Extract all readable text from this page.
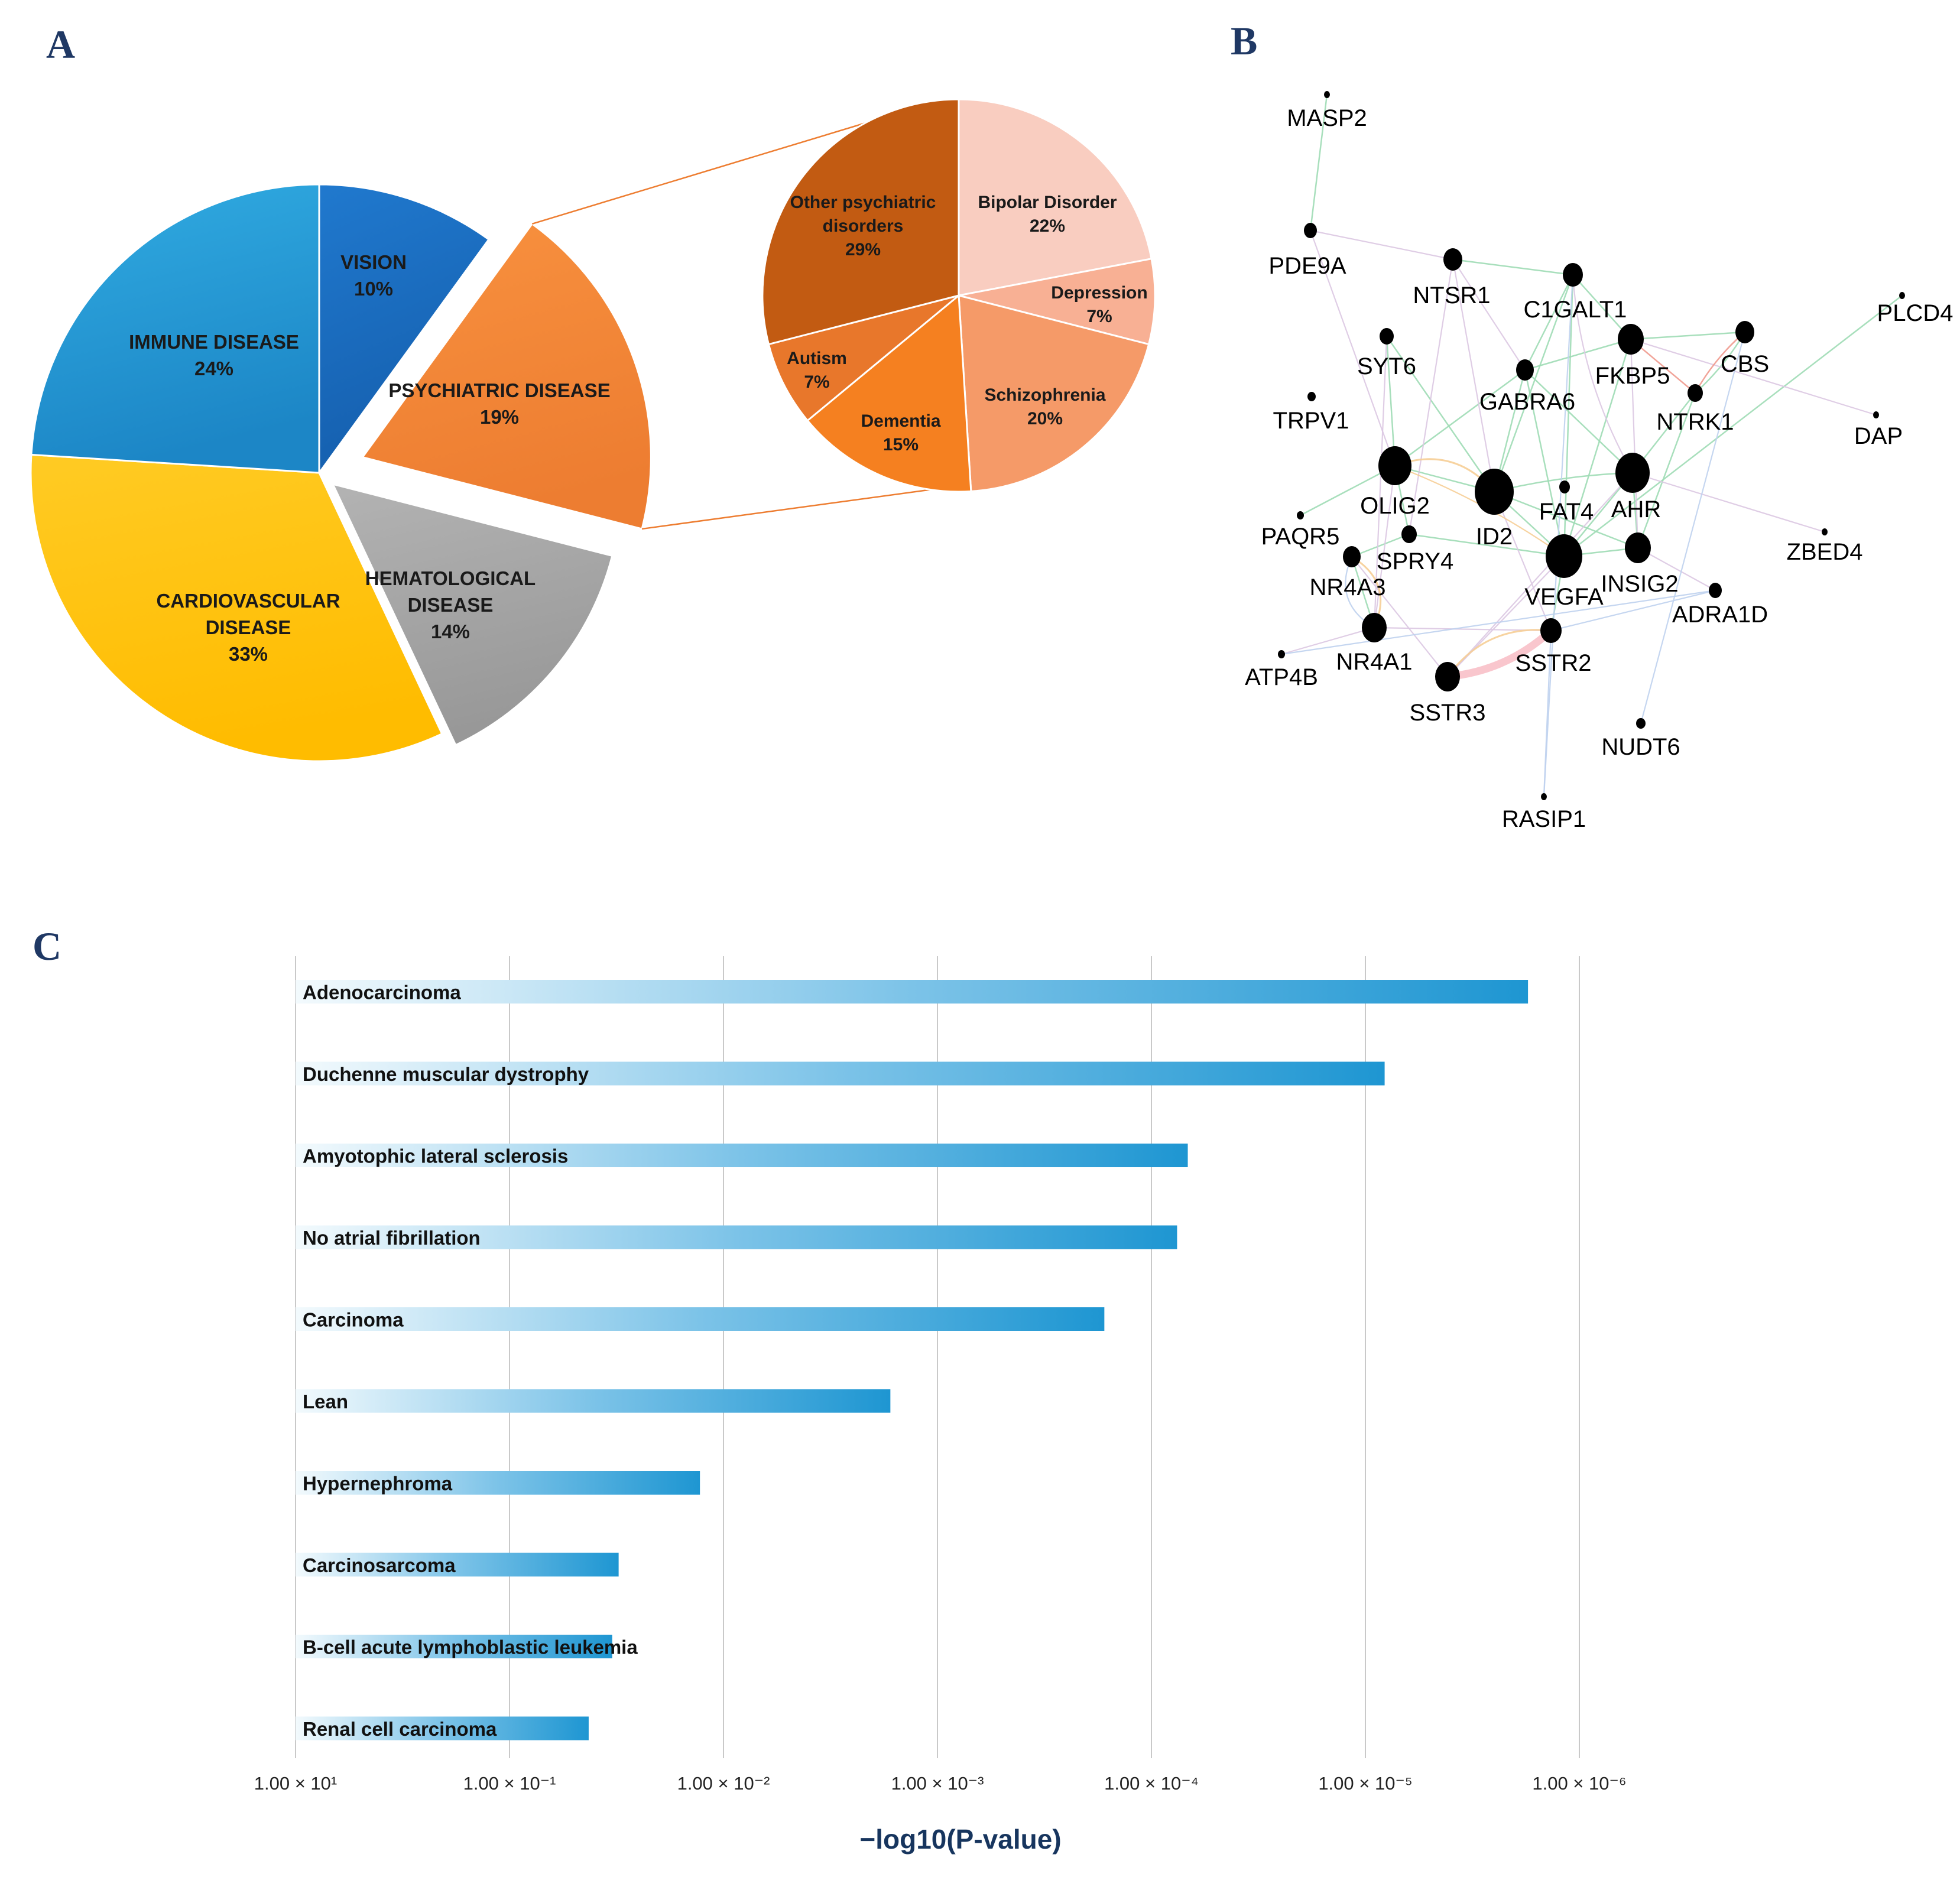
A	B
C
VISION
10%
PSYCHIATRIC DISEASE
19%
HEMATOLOGICAL
DISEASE
14%
CARDIOVASCULAR
DISEASE
33%
IMMUNE DISEASE
24%
Bipolar Disorder
22%
Depression
7%
Schizophrenia
20%
Dementia
15%
Autism
7%
Other psychiatric
disorders
29%
MASP2
PDE9A
NTSR1
C1GALT1	PLCD4
SYT6	FKBP5 CBS
GABRA6
TRPV1	NTRK1
DAP
OLIG2
ID2
FAT4 AHR
PAQR5
SPRY4	ZBED4
NR4A3	VEGFA
INSIG2
ADRA1D
NR4A1	SSTR2
ATP4B
SSTR3
NUDT6
RASIP1
Adenocarcinoma
Duchenne muscular dystrophy
Amyotophic lateral sclerosis
No atrial fibrillation
Carcinoma
Lean
Hypernephroma
Carcinosarcoma
B-cell acute lymphoblastic leukemia
Renal cell carcinoma
1.00 × 10¹	1.00 × 10⁻¹	1.00 × 10⁻²	1.00 × 10⁻³	1.00 × 10⁻⁴	1.00 × 10⁻⁵	1.00 × 10⁻⁶
−log10(P-value)
